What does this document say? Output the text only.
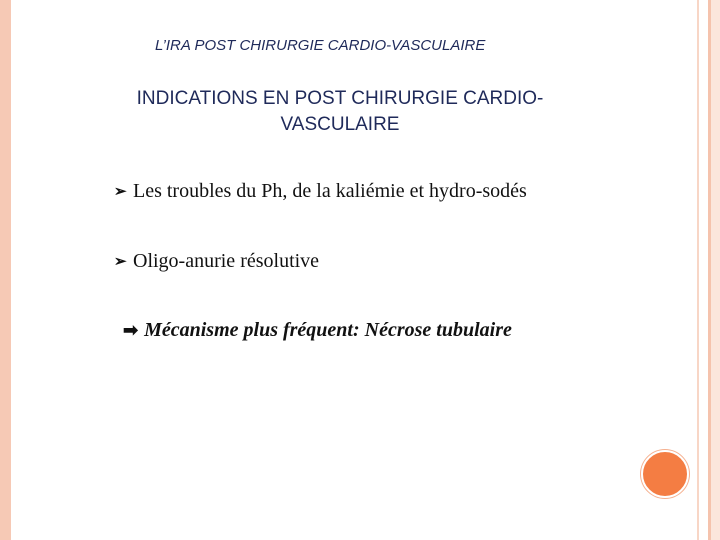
L’IRA POST CHIRURGIE CARDIO-VASCULAIRE
INDICATIONS EN POST CHIRURGIE CARDIO-VASCULAIRE
➢ Les troubles du Ph, de la kaliémie et hydro-sodés
➢ Oligo-anurie résolutive
➡ Mécanisme plus fréquent: Nécrose tubulaire
